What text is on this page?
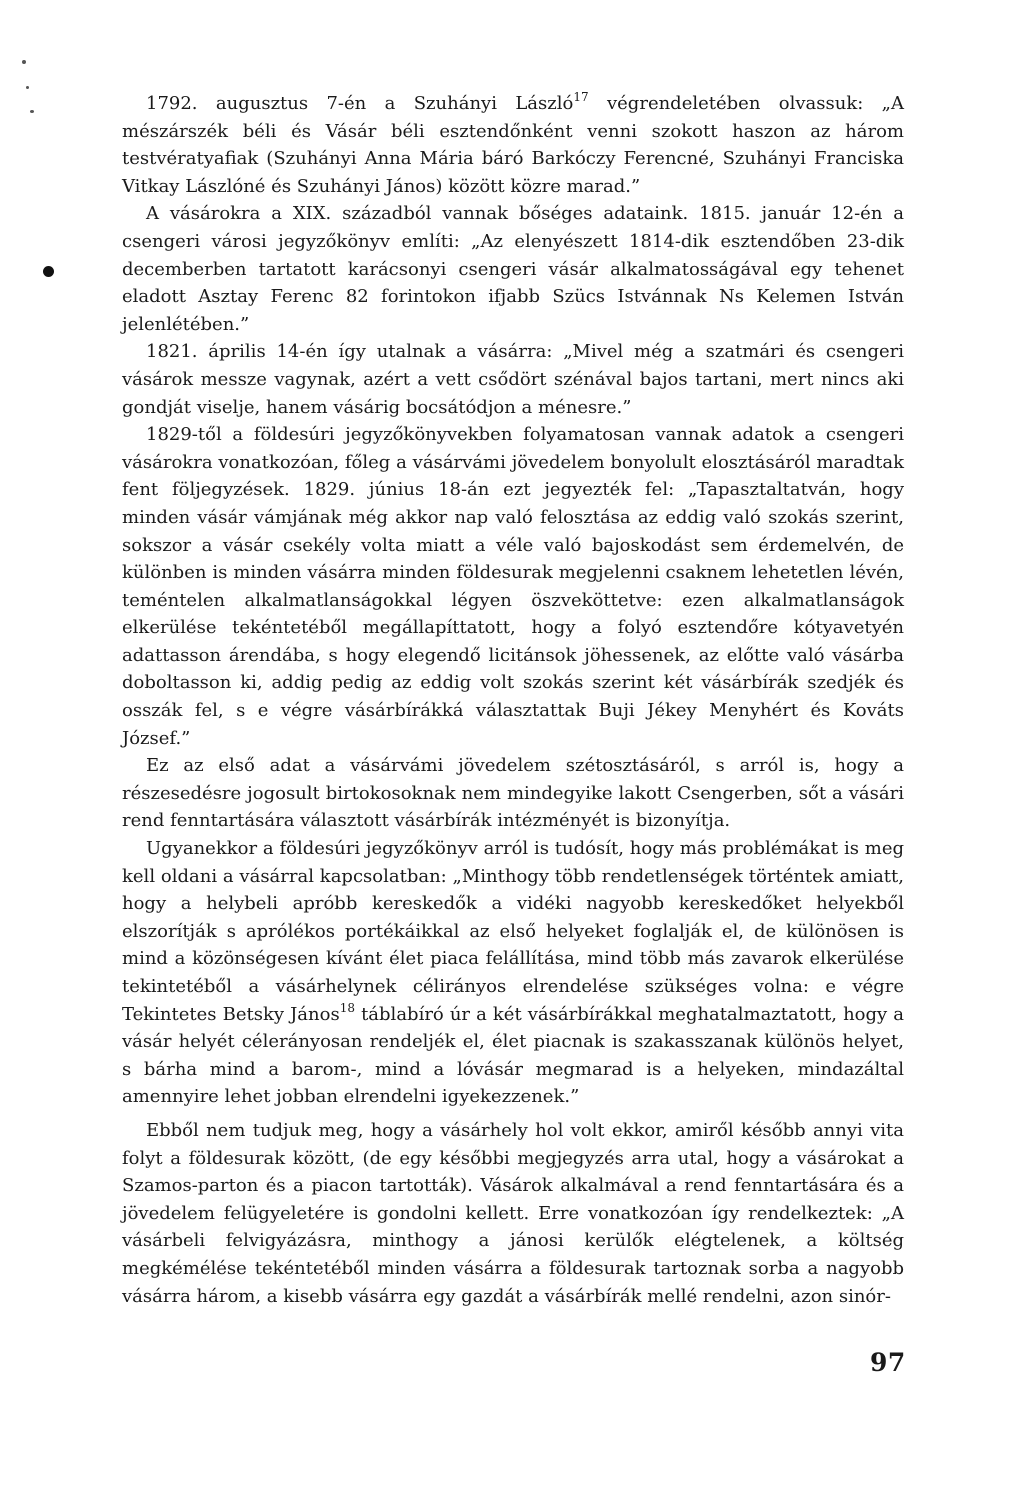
1792. augusztus 7-én a Szuhányi László$^{17}$ végrendeletében olvassuk: „A mészárszék béli és Vásár béli esztendőnként venni szokott haszon az három testvératyafiak (Szuhányi Anna Mária báró Barkóczy Ferencné, Szuhányi Franciska Vitkay Lászlóné és Szuhányi János) között közre marad.”

A vásárokra a XIX. századból vannak bőséges adataink. 1815. január 12-én a csengeri városi jegyzőkönyv említi: „Az elenyészett 1814-dik esztendőben 23-dik decemberben tartatott karácsonyi csengeri vásár alkalmatosságával egy tehenet eladott Asztay Ferenc 82 forintokon ifjabb Szücs Istvánnak Ns Kelemen István jelenlétében.”

1821. április 14-én így utalnak a vásárra: „Mivel még a szatmári és csengeri vásárok messze vagynak, azért a vett csődört szénával bajos tartani, mert nincs aki gondját viselje, hanem vásárig bocsátódjon a ménesre.”

1829-től a földesúri jegyzőkönyvekben folyamatosan vannak adatok a csengeri vásárokra vonatkozóan, főleg a vásárvámi jövedelem bonyolult elosztásáról maradtak fent följegyzések. 1829. június 18-án ezt jegyezték fel: „Tapasztaltatván, hogy minden vásár vámjának még akkor nap való felosztása az eddig való szokás szerint, sokszor a vásár csekély volta miatt a véle való bajoskodást sem érdemelvén, de különben is minden vásárra minden földesurak megjelenni csaknem lehetetlen lévén, teméntelen alkalmatlanságokkal légyen öszveköttetve: ezen alkalmatlanságok elkerülése tekéntetéből megállapíttatott, hogy a folyó esztendőre kótyavetyén adattasson árendába, s hogy elegendő licitánsok jöhessenek, az előtte való vásárba doboltasson ki, addig pedig az eddig volt szokás szerint két vásárbírák szedjék és osszák fel, s e végre vásárbírákká választattak Buji Jékey Menyhért és Kováts József.”

Ez az első adat a vásárvámi jövedelem szétosztásáról, s arról is, hogy a részesedésre jogosult birtokosoknak nem mindegyike lakott Csengerben, sőt a vásári rend fenntartására választott vásárbírák intézményét is bizonyítja.

Ugyanekkor a földesúri jegyzőkönyv arról is tudósít, hogy más problémákat is meg kell oldani a vásárral kapcsolatban: „Minthogy több rendetlenségek történtek amiatt, hogy a helybeli apróbb kereskedők a vidéki nagyobb kereskedőket helyekből elszorítják s aprólékos portékáikkal az első helyeket foglalják el, de különösen is mind a közönségesen kívánt élet piaca felállítása, mind több más zavarok elkerülése tekintetéből a vásárhelynek célirányos elrendelése szükséges volna: e végre Tekintetes Betsky János$^{18}$ táblabíró úr a két vásárbírákkal meghatalmaztatott, hogy a vásár helyét célerányosan rendeljék el, élet piacnak is szakasszanak különös helyet, s bárha mind a barom-, mind a lóvásár megmarad is a helyeken, mindazáltal amennyire lehet jobban elrendelni igyekezzenek.”

Ebből nem tudjuk meg, hogy a vásárhely hol volt ekkor, amiről később annyi vita folyt a földesurak között, (de egy későbbi megjegyzés arra utal, hogy a vásárokat a Szamos-parton és a piacon tartották). Vásárok alkalmával a rend fenntartására és a jövedelem felügyeletére is gondolni kellett. Erre vonatkozóan így rendelkeztek: „A vásárbeli felvigyázásra, minthogy a jánosi kerülők elégtelenek, a költség megkémélése tekéntetéből minden vásárra a földesurak tartoznak sorba a nagyobb vásárra három, a kisebb vásárra egy gazdát a vásárbírák mellé rendelni, azon sinór-

97
